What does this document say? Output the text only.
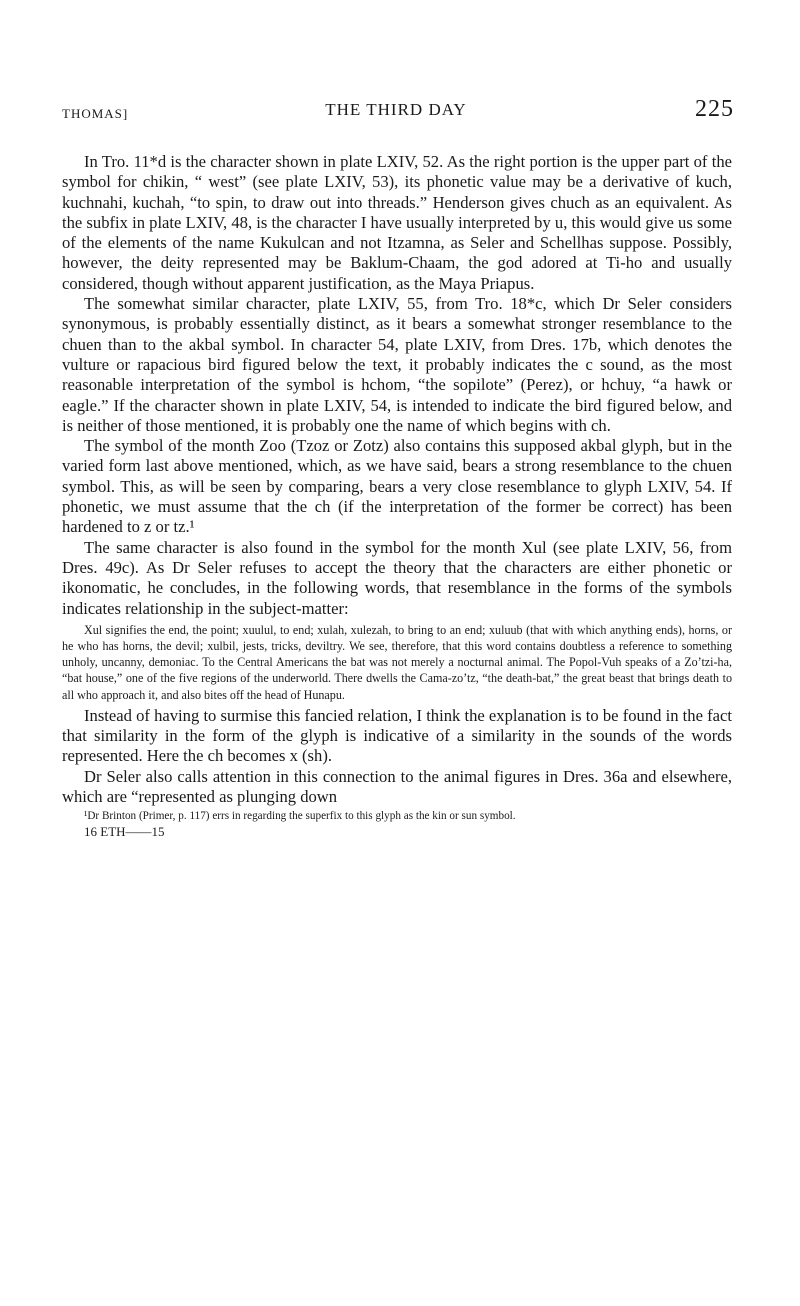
THOMAS]	THE THIRD DAY	225

In Tro. 11*d is the character shown in plate LXIV, 52. As the right portion is the upper part of the symbol for chikin, “ west” (see plate LXIV, 53), its phonetic value may be a derivative of kuch, kuchnahi, kuchah, “to spin, to draw out into threads.” Henderson gives chuch as an equivalent. As the subfix in plate LXIV, 48, is the character I have usually interpreted by u, this would give us some of the elements of the name Kukulcan and not Itzamna, as Seler and Schellhas suppose. Possibly, however, the deity represented may be Baklum-Chaam, the god adored at Ti-ho and usually considered, though without apparent justification, as the Maya Priapus.

The somewhat similar character, plate LXIV, 55, from Tro. 18*c, which Dr Seler considers synonymous, is probably essentially distinct, as it bears a somewhat stronger resemblance to the chuen than to the akbal symbol. In character 54, plate LXIV, from Dres. 17b, which denotes the vulture or rapacious bird figured below the text, it probably indicates the c sound, as the most reasonable interpretation of the symbol is hchom, “the sopilote” (Perez), or hchuy, “a hawk or eagle.” If the character shown in plate LXIV, 54, is intended to indicate the bird figured below, and is neither of those mentioned, it is probably one the name of which begins with ch.

The symbol of the month Zoo (Tzoz or Zotz) also contains this supposed akbal glyph, but in the varied form last above mentioned, which, as we have said, bears a strong resemblance to the chuen symbol. This, as will be seen by comparing, bears a very close resemblance to glyph LXIV, 54. If phonetic, we must assume that the ch (if the interpretation of the former be correct) has been hardened to z or tz.¹

The same character is also found in the symbol for the month Xul (see plate LXIV, 56, from Dres. 49c). As Dr Seler refuses to accept the theory that the characters are either phonetic or ikonomatic, he concludes, in the following words, that resemblance in the forms of the symbols indicates relationship in the subject-matter:

Xul signifies the end, the point; xuulul, to end; xulah, xulezah, to bring to an end; xuluub (that with which anything ends), horns, or he who has horns, the devil; xulbil, jests, tricks, deviltry. We see, therefore, that this word contains doubtless a reference to something unholy, uncanny, demoniac. To the Central Americans the bat was not merely a nocturnal animal. The Popol-Vuh speaks of a Zo’tzi-ha, “bat house,” one of the five regions of the underworld. There dwells the Cama-zo’tz, “the death-bat,” the great beast that brings death to all who approach it, and also bites off the head of Hunapu.

Instead of having to surmise this fancied relation, I think the explanation is to be found in the fact that similarity in the form of the glyph is indicative of a similarity in the sounds of the words represented. Here the ch becomes x (sh).

Dr Seler also calls attention in this connection to the animal figures in Dres. 36a and elsewhere, which are “represented as plunging down

¹Dr Brinton (Primer, p. 117) errs in regarding the superfix to this glyph as the kin or sun symbol.
16 ETH——15
